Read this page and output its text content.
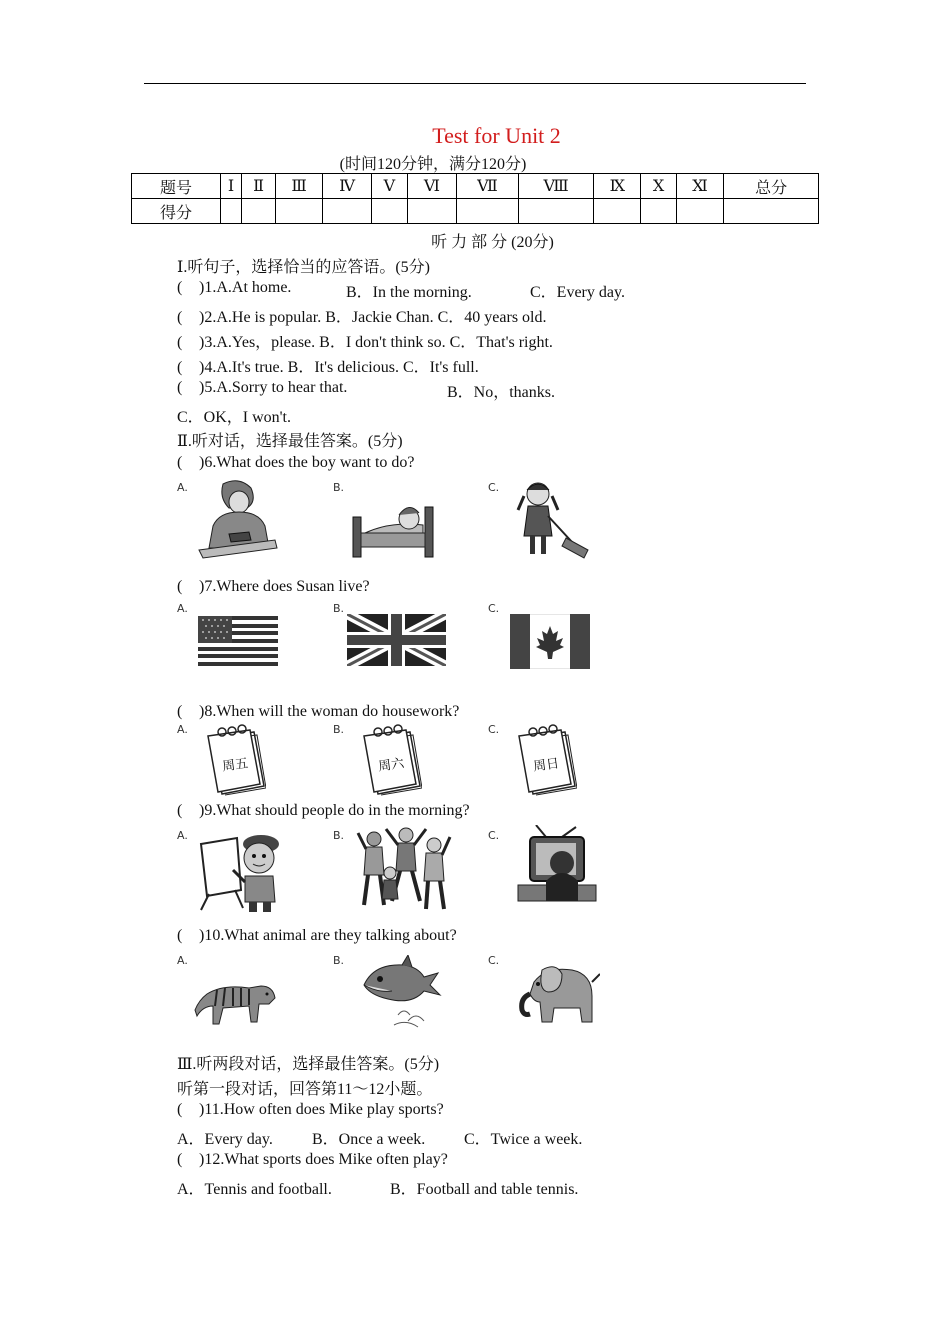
Test for Unit 2
(时间120分钟，满分120分)
题号	Ⅰ	Ⅱ	Ⅲ	Ⅳ	Ⅴ	Ⅵ	Ⅶ	Ⅷ	Ⅸ	Ⅹ	Ⅺ	总分
得分												
听 力 部 分 (20分)
Ⅰ.听句子，选择恰当的应答语。(5分)
( )1.A.At home.	B．In the morning.	C．Every day.
( )2.A.He is popular. B．Jackie Chan. C．40 years old.
( )3.A.Yes，please. B．I don't think so. C．That's right.
( )4.A.It's true. B．It's delicious. C．It's full.
( )5.A.Sorry to hear that.	B．No，thanks.
C．OK，I won't.
Ⅱ.听对话，选择最佳答案。(5分)
( )6.What does the boy want to do?
A.	B.	C.
( )7.Where does Susan live?
A.	B.	C.
( )8.When will the woman do housework?
A.	B.	C.
周五	周六	周日
( )9.What should people do in the morning?
A.	B.	C.
( )10.What animal are they talking about?
A.	B.	C.
Ⅲ.听两段对话，选择最佳答案。(5分)
听第一段对话，回答第11～12小题。
( )11.How often does Mike play sports?
A．Every day. B．Once a week. C．Twice a week.
( )12.What sports does Mike often play?
A．Tennis and football.	B．Football and table tennis.
